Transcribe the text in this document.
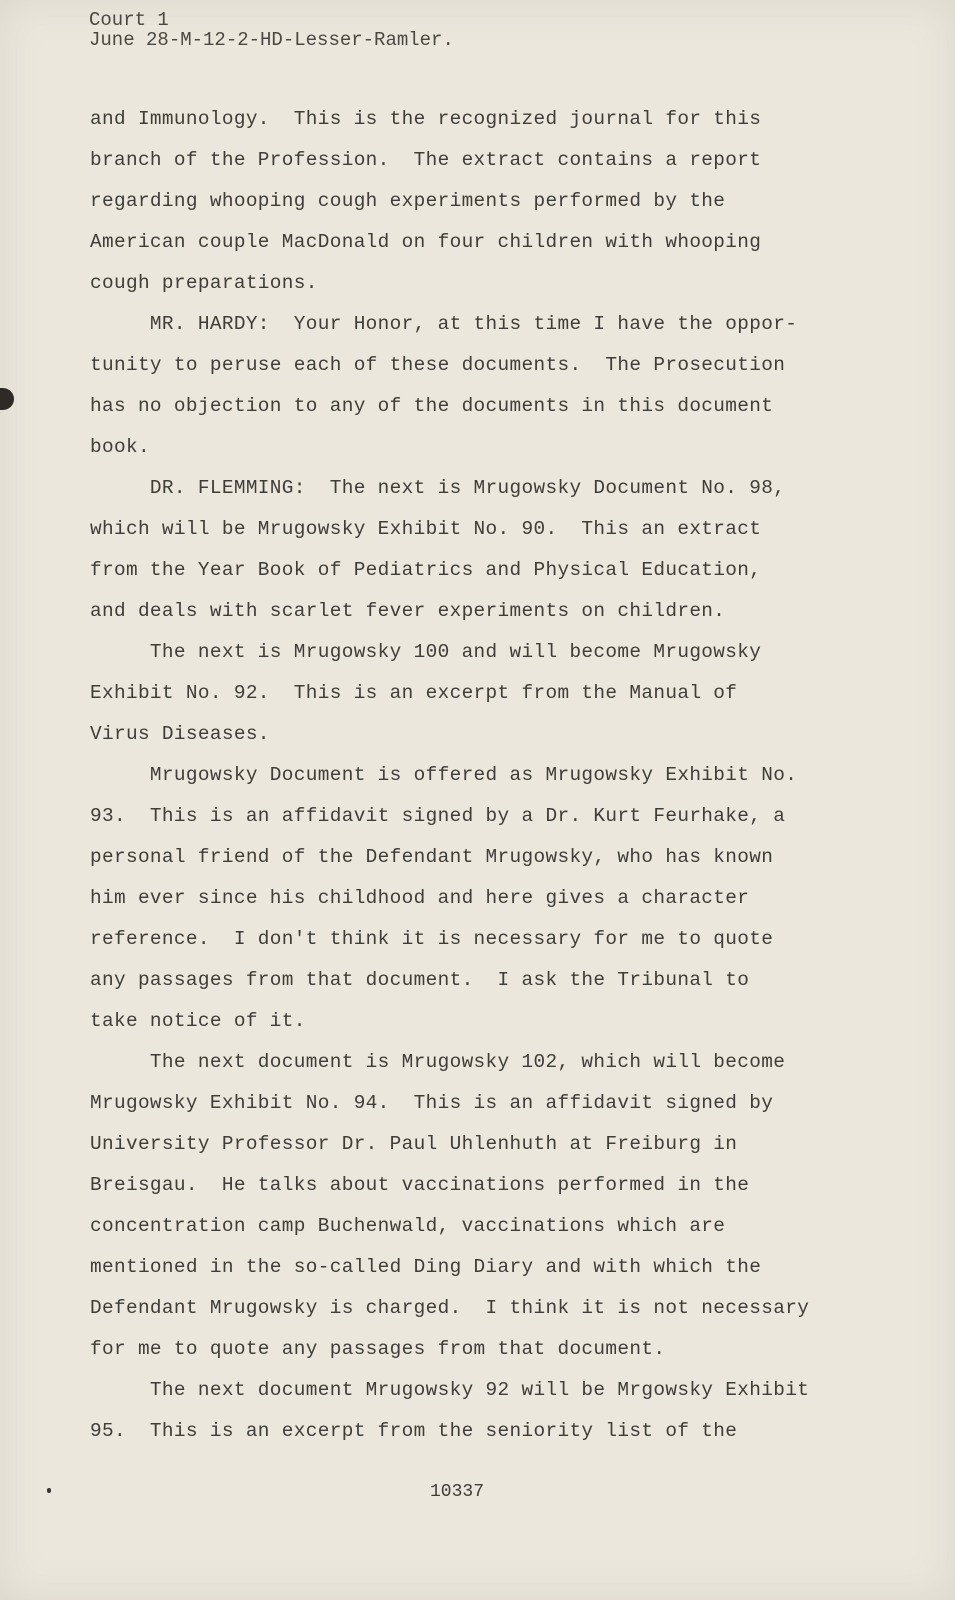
Court 1
June 28-M-12-2-HD-Lesser-Ramler.
and Immunology.  This is the recognized journal for this
branch of the Profession.  The extract contains a report
regarding whooping cough experiments performed by the
American couple MacDonald on four children with whooping
cough preparations.
MR. HARDY:  Your Honor, at this time I have the oppor-
tunity to peruse each of these documents.  The Prosecution
has no objection to any of the documents in this document
book.
DR. FLEMMING:  The next is Mrugowsky Document No. 98,
which will be Mrugowsky Exhibit No. 90.  This an extract
from the Year Book of Pediatrics and Physical Education,
and deals with scarlet fever experiments on children.
The next is Mrugowsky 100 and will become Mrugowsky
Exhibit No. 92.  This is an excerpt from the Manual of
Virus Diseases.
Mrugowsky Document is offered as Mrugowsky Exhibit No.
93.  This is an affidavit signed by a Dr. Kurt Feurhake, a
personal friend of the Defendant Mrugowsky, who has known
him ever since his childhood and here gives a character
reference.  I don't think it is necessary for me to quote
any passages from that document.  I ask the Tribunal to
take notice of it.
The next document is Mrugowsky 102, which will become
Mrugowsky Exhibit No. 94.  This is an affidavit signed by
University Professor Dr. Paul Uhlenhuth at Freiburg in
Breisgau.  He talks about vaccinations performed in the
concentration camp Buchenwald, vaccinations which are
mentioned in the so-called Ding Diary and with which the
Defendant Mrugowsky is charged.  I think it is not necessary
for me to quote any passages from that document.
The next document Mrugowsky 92 will be Mrgowsky Exhibit
95.  This is an excerpt from the seniority list of the
10337
